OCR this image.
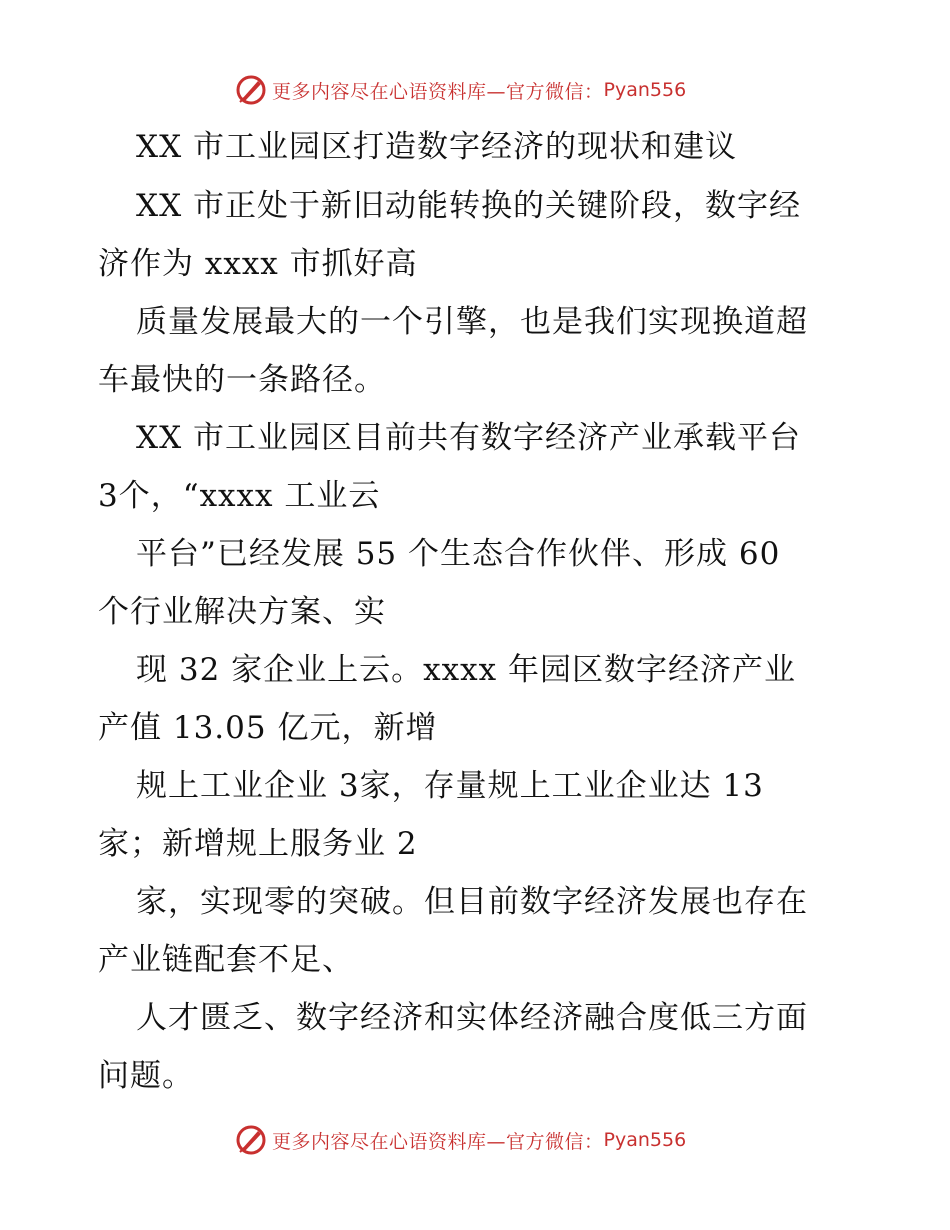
更多内容尽在心语资料库—官方微信： Pyan556
XX 市工业园区打造数字经济的现状和建议
XX 市正处于新旧动能转换的关键阶段，数字经
济作为 xxxx 市抓好高
质量发展最大的一个引擎，也是我们实现换道超
车最快的一条路径。
XX 市工业园区目前共有数字经济产业承载平台
3个，“xxxx 工业云
平台”已经发展 55 个生态合作伙伴、形成 60
个行业解决方案、实
现 32 家企业上云。xxxx 年园区数字经济产业
产值 13.05 亿元，新增
规上工业企业 3家，存量规上工业企业达 13
家；新增规上服务业 2
家，实现零的突破。但目前数字经济发展也存在
产业链配套不足、
人才匮乏、数字经济和实体经济融合度低三方面
问题。
更多内容尽在心语资料库—官方微信： Pyan556
